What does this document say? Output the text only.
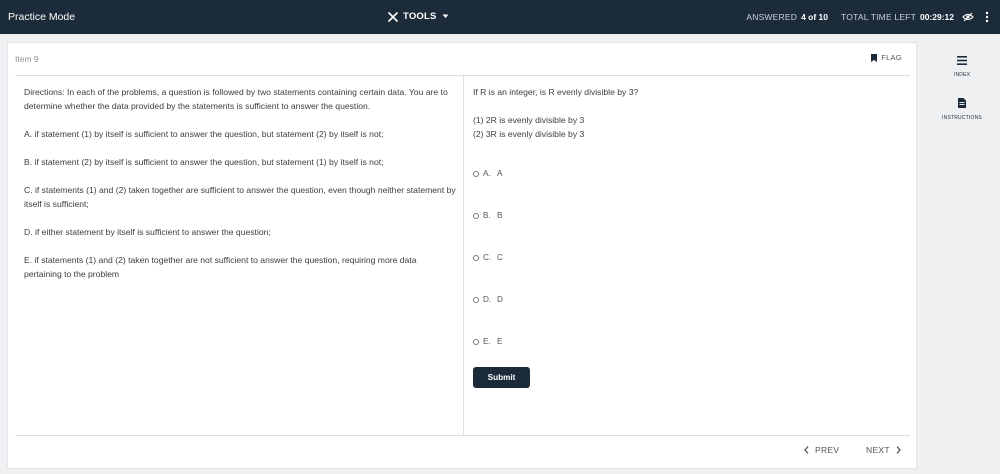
Practice Mode	TOOLS	ANSWERED 4 of 10 TOTAL TIME LEFT 00:29:12
Item 9	FLAG

Directions: In each of the problems, a question is followed by two statements containing certain data. You are to determine whether the data provided by the statements is sufficient to answer the question.

A. if statement (1) by itself is sufficient to answer the question, but statement (2) by itself is not;

B. if statement (2) by itself is sufficient to answer the question, but statement (1) by itself is not;

C. if statements (1) and (2) taken together are sufficient to answer the question, even though neither statement by itself is sufficient;

D. if either statement by itself is sufficient to answer the question;

E. if statements (1) and (2) taken together are not sufficient to answer the question, requiring more data pertaining to the problem

If R is an integer, is R evenly divisible by 3?
(1) 2R is evenly divisible by 3
(2) 3R is evenly divisible by 3
A. A
B. B
C. C
D. D
E. E
Submit
PREV	NEXT
INDEX
INSTRUCTIONS
